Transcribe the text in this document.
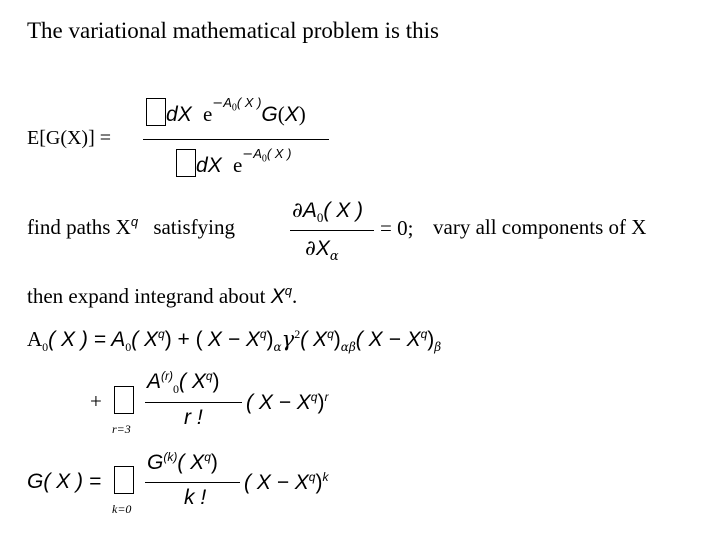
The variational mathematical problem is this
E[G(X)] =
dX $e^{-A_0( X )}G(X)$
dX $e^{-A_0( X )}$
find paths $X^q$ satisfying
$\partial A_0$( X )
$\partial X_\alpha$
= 0; vary all components of X
then expand integrand about $X^q$.
$A_0$( X ) = $A_0$( $X^q$) + ( $X - X^q)_\alpha\gamma^2$( $X^q)_{\alpha\beta}$( $X - X^q)_\beta$
+
r=3
$A^{(r)}_0$( $X^q$)
r !
( $X - X^q)^r$
G( X ) =
k=0
$G^{(k)}$( $X^q$)
k !
( $X - X^q)^k$
